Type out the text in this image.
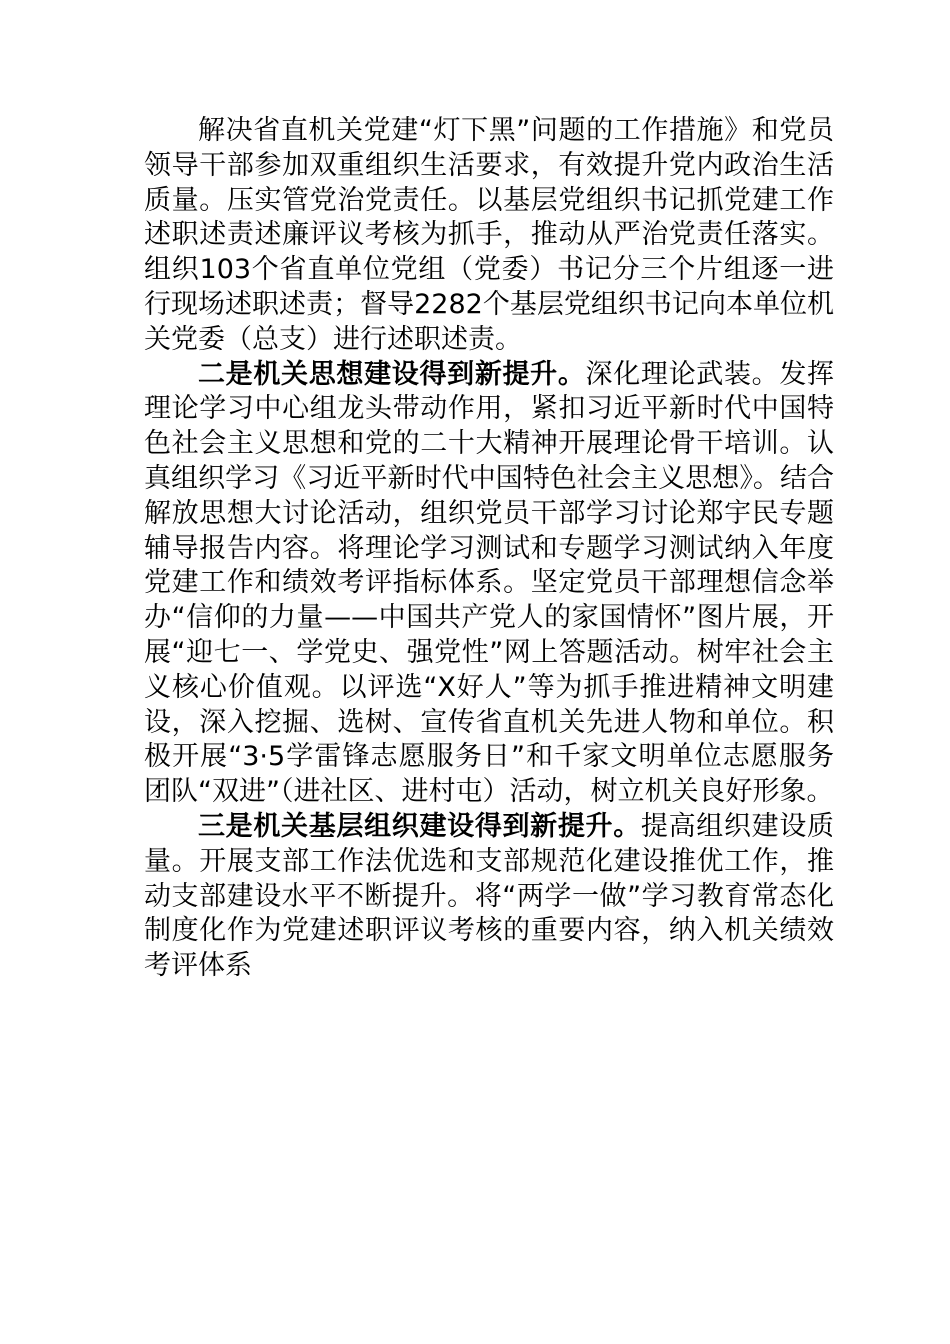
解决省直机关党建“灯下黑”问题的工作措施》和党员领导干部参加双重组织生活要求，有效提升党内政治生活质量。压实管党治党责任。以基层党组织书记抓党建工作述职述责述廉评议考核为抓手，推动从严治党责任落实。组织103个省直单位党组（党委）书记分三个片组逐一进行现场述职述责；督导2282个基层党组织书记向本单位机关党委（总支）进行述职述责。

二是机关思想建设得到新提升。深化理论武装。发挥理论学习中心组龙头带动作用，紧扣习近平新时代中国特色社会主义思想和党的二十大精神开展理论骨干培训。认真组织学习《习近平新时代中国特色社会主义思想》。结合解放思想大讨论活动，组织党员干部学习讨论郑宇民专题辅导报告内容。将理论学习测试和专题学习测试纳入年度党建工作和绩效考评指标体系。坚定党员干部理想信念举办“信仰的力量——中国共产党人的家国情怀”图片展，开展“迎七一、学党史、强党性”网上答题活动。树牢社会主义核心价值观。以评选“X好人”等为抓手推进精神文明建设，深入挖掘、选树、宣传省直机关先进人物和单位。积极开展“3·5学雷锋志愿服务日”和千家文明单位志愿服务团队“双进”（进社区、进村屯）活动，树立机关良好形象。

三是机关基层组织建设得到新提升。提高组织建设质量。开展支部工作法优选和支部规范化建设推优工作，推动支部建设水平不断提升。将“两学一做”学习教育常态化制度化作为党建述职评议考核的重要内容，纳入机关绩效考评体系
